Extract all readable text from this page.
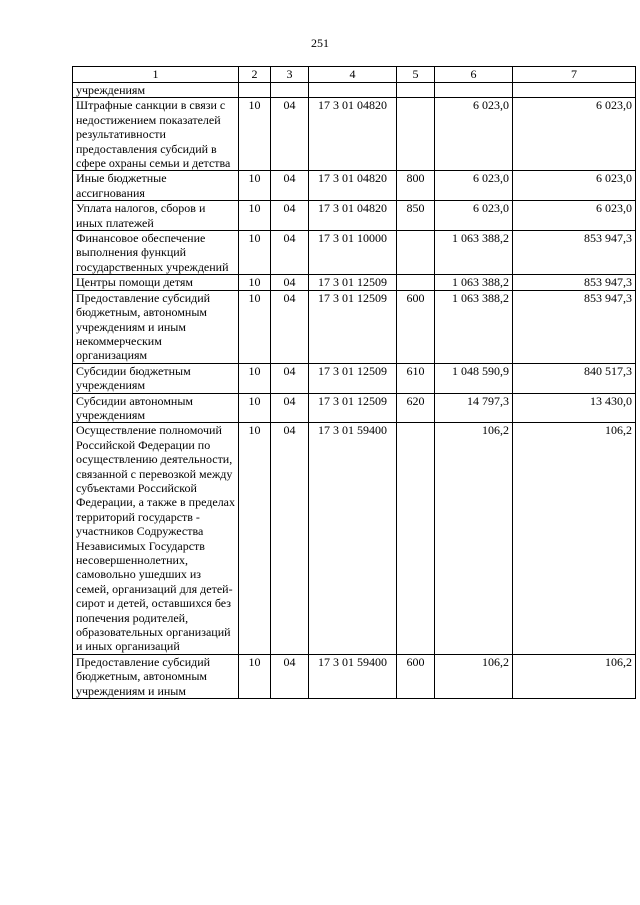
251
1	2	3	4	5	6	7
учреждениям						
Штрафные санкции в связи с недостижением показателей результативности предоставления субсидий в сфере охраны семьи и детства	10	04	17 3 01 04820		6 023,0	6 023,0
Иные бюджетные ассигнования	10	04	17 3 01 04820	800	6 023,0	6 023,0
Уплата налогов, сборов и иных платежей	10	04	17 3 01 04820	850	6 023,0	6 023,0
Финансовое обеспечение выполнения функций государственных учреждений	10	04	17 3 01 10000		1 063 388,2	853 947,3
Центры помощи детям	10	04	17 3 01 12509		1 063 388,2	853 947,3
Предоставление субсидий бюджетным, автономным учреждениям и иным некоммерческим организациям	10	04	17 3 01 12509	600	1 063 388,2	853 947,3
Субсидии бюджетным учреждениям	10	04	17 3 01 12509	610	1 048 590,9	840 517,3
Субсидии автономным учреждениям	10	04	17 3 01 12509	620	14 797,3	13 430,0
Осуществление полномочий Российской Федерации по осуществлению деятельности, связанной с перевозкой между субъектами Российской Федерации, а также в пределах территорий государств - участников Содружества Независимых Государств несовершеннолетних, самовольно ушедших из семей, организаций для детей-сирот и детей, оставшихся без попечения родителей, образовательных организаций и иных организаций	10	04	17 3 01 59400		106,2	106,2
Предоставление субсидий бюджетным, автономным учреждениям и иным	10	04	17 3 01 59400	600	106,2	106,2
